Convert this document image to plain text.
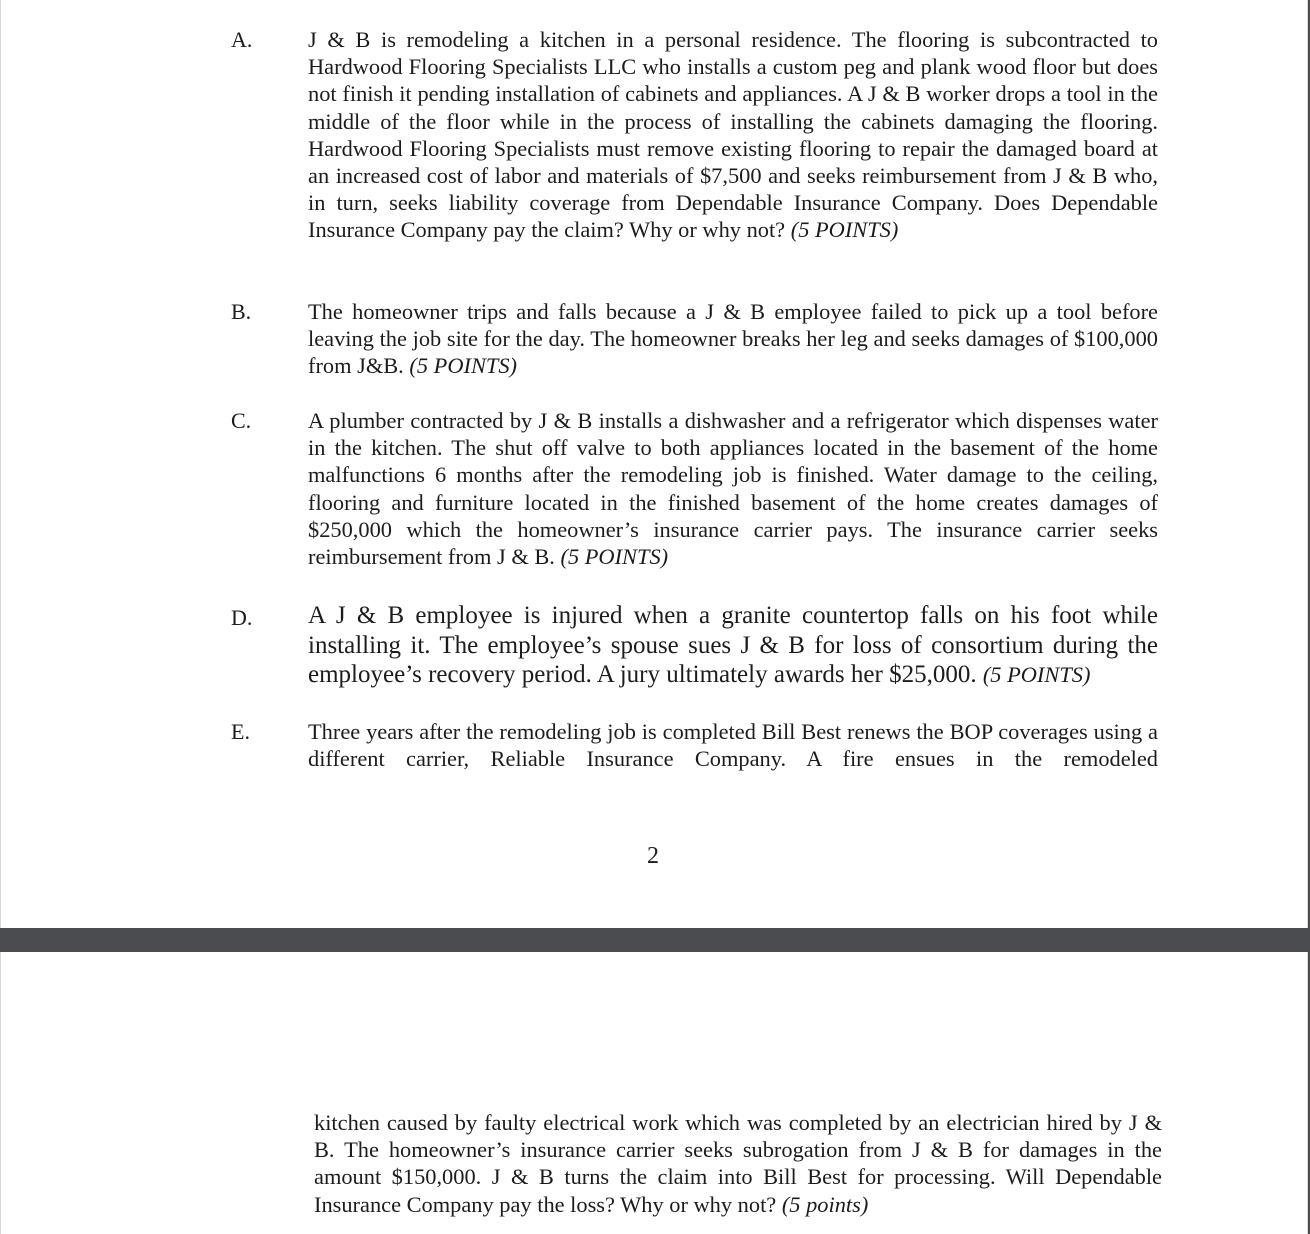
A. J & B is remodeling a kitchen in a personal residence. The flooring is subcontracted to Hardwood Flooring Specialists LLC who installs a custom peg and plank wood floor but does not finish it pending installation of cabinets and appliances. A J & B worker drops a tool in the middle of the floor while in the process of installing the cabinets damaging the flooring. Hardwood Flooring Specialists must remove existing flooring to repair the damaged board at an increased cost of labor and materials of $7,500 and seeks reimbursement from J & B who, in turn, seeks liability coverage from Dependable Insurance Company. Does Dependable Insurance Company pay the claim? Why or why not? (5 POINTS)
B.	The homeowner trips and falls because a J & B employee failed to pick up a tool before leaving the job site for the day. The homeowner breaks her leg and seeks damages of $100,000 from J&B. (5 POINTS)
C.	A plumber contracted by J & B installs a dishwasher and a refrigerator which dispenses water in the kitchen. The shut off valve to both appliances located in the basement of the home malfunctions 6 months after the remodeling job is finished. Water damage to the ceiling, flooring and furniture located in the finished basement of the home creates damages of $250,000 which the homeowner’s insurance carrier pays. The insurance carrier seeks reimbursement from J & B. (5 POINTS)
D. A J & B employee is injured when a granite countertop falls on his foot while installing it. The employee’s spouse sues J & B for loss of consortium during the employee’s recovery period. A jury ultimately awards her $25,000. (5 POINTS)
E.	Three years after the remodeling job is completed Bill Best renews the BOP coverages using a different carrier, Reliable Insurance Company. A fire ensues in the remodeled
2
kitchen caused by faulty electrical work which was completed by an electrician hired by J & B. The homeowner’s insurance carrier seeks subrogation from J & B for damages in the amount $150,000. J & B turns the claim into Bill Best for processing. Will Dependable Insurance Company pay the loss? Why or why not? (5 points)
